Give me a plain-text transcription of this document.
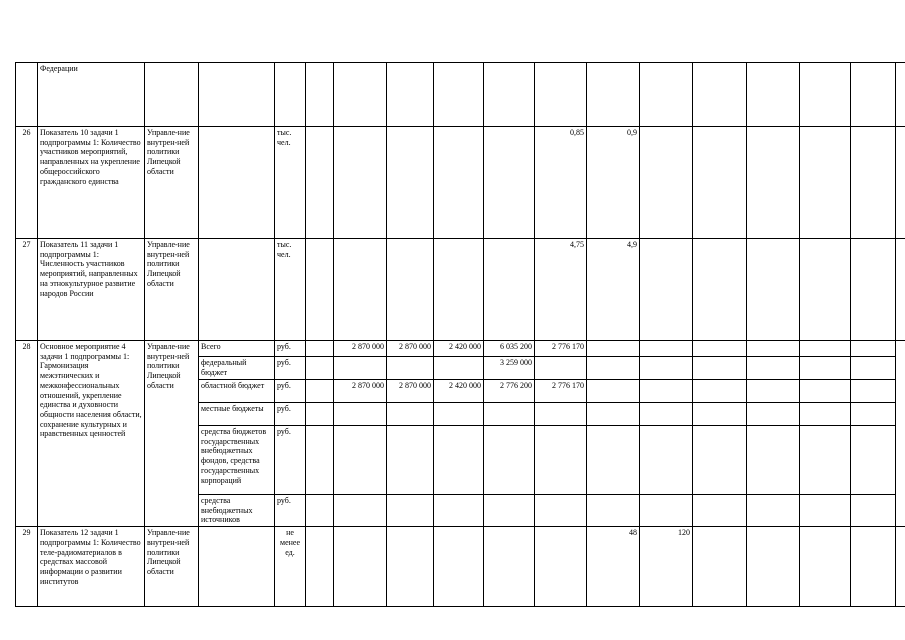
	Федерации																
26	Показатель 10 задачи 1 подпрограммы 1: Количество участников мероприятий, направленных на укрепление общероссийского гражданского единства	Управле-ние внутрен-ней политики Липецкой области		тыс. чел.						0,85	0,9						
27	Показатель 11 задачи 1 подпрограммы 1: Численность участников мероприятий, направленных на этнокультурное развитие народов России	Управле-ние внутрен-ней политики Липецкой области		тыс. чел.						4,75	4,9						
28	Основное мероприятие 4 задачи 1 подпрограммы 1: Гармонизация межэтнических и межконфессиональных отношений, укрепление единства и духовности общности населения области, сохранение культурных и нравственных ценностей	Управле-ние внутрен-ней политики Липецкой области	Всего	руб.		2 870 000	2 870 000	2 420 000	6 035 200	2 776 170							
			федеральный бюджет	руб.					3 259 000								
			областной бюджет	руб.		2 870 000	2 870 000	2 420 000	2 776 200	2 776 170							
			местные бюджеты	руб.													
			средства бюджетов государственных внебюджетных фондов, средства государственных корпораций	руб.													
			средства внебюджетных источников	руб.													
29	Показатель 12 задачи 1 подпрограммы 1: Количество теле-радиоматериалов в средствах массовой информации о развитии институтов	Управле-ние внутрен-ней политики Липецкой области		не менее ед.							48	120					
